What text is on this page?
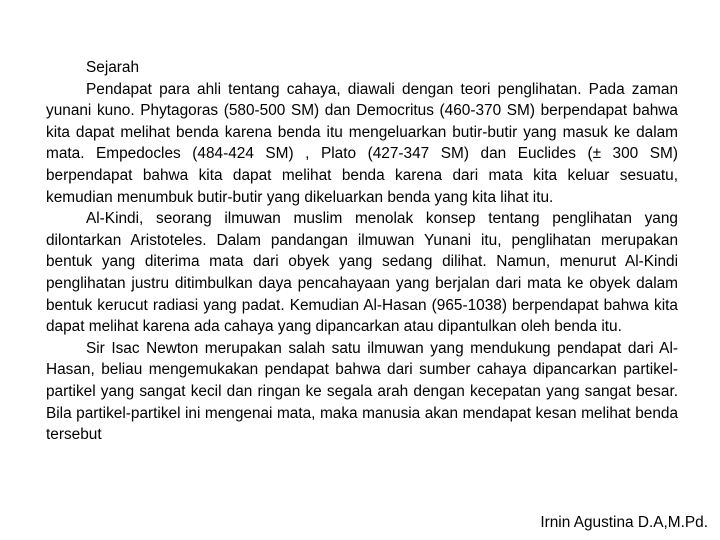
Sejarah

Pendapat para ahli tentang cahaya, diawali dengan teori penglihatan. Pada zaman yunani kuno. Phytagoras (580-500 SM) dan Democritus (460-370 SM) berpendapat bahwa kita dapat melihat benda karena benda itu mengeluarkan butir-butir yang masuk ke dalam mata. Empedocles (484-424 SM) , Plato (427-347 SM) dan Euclides (± 300 SM) berpendapat bahwa kita dapat melihat benda karena dari mata kita keluar sesuatu, kemudian menumbuk butir-butir yang dikeluarkan benda yang kita lihat itu.

Al-Kindi, seorang ilmuwan muslim menolak konsep tentang penglihatan yang dilontarkan Aristoteles. Dalam pandangan ilmuwan Yunani itu, penglihatan merupakan bentuk yang diterima mata dari obyek yang sedang dilihat. Namun, menurut Al-Kindi penglihatan justru ditimbulkan daya pencahayaan yang berjalan dari mata ke obyek dalam bentuk kerucut radiasi yang padat. Kemudian Al-Hasan (965-1038) berpendapat bahwa kita dapat melihat karena ada cahaya yang dipancarkan atau dipantulkan oleh benda itu.

Sir Isac Newton merupakan salah satu ilmuwan yang mendukung pendapat dari Al-Hasan, beliau mengemukakan pendapat bahwa dari sumber cahaya dipancarkan partikel-partikel yang sangat kecil dan ringan ke segala arah dengan kecepatan yang sangat besar. Bila partikel-partikel ini mengenai mata, maka manusia akan mendapat kesan melihat benda tersebut

Irnin Agustina D.A,M.Pd.
